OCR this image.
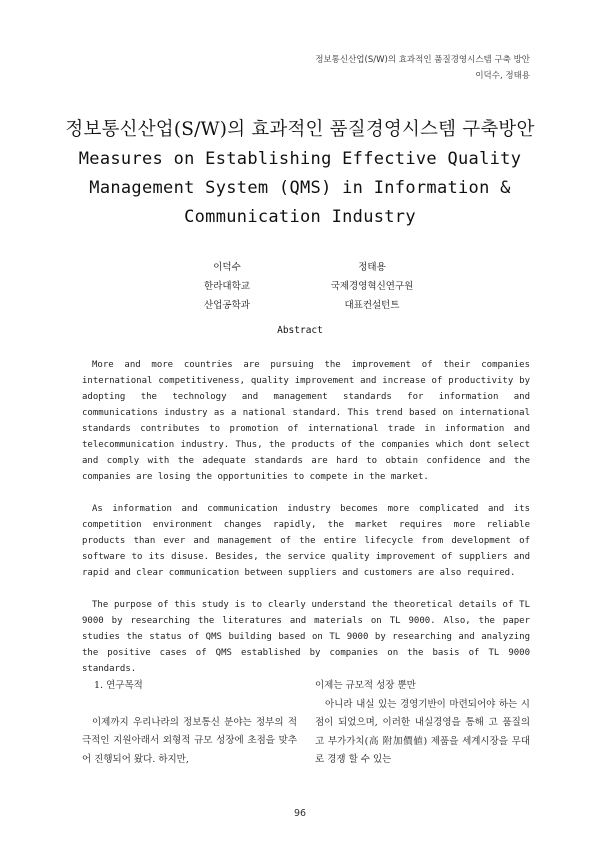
정보통신산업(S/W)의 효과적인 품질경영시스템 구축 방안
이덕수, 정태용
정보통신산업(S/W)의 효과적인 품질경영시스템 구축방안
Measures on Establishing Effective Quality
Management System (QMS) in Information &
Communication Industry
이덕수
한라대학교
산업공학과
정태용
국제경영혁신연구원
대표컨설턴트
Abstract

More and more countries are pursuing the improvement of their companies international competitiveness, quality improvement and increase of productivity by adopting the technology and management standards for information and communications industry as a national standard. This trend based on international standards contributes to promotion of international trade in information and telecommunication industry. Thus, the products of the companies which dont select and comply with the adequate standards are hard to obtain confidence and the companies are losing the opportunities to compete in the market.

As information and communication industry becomes more complicated and its competition environment changes rapidly, the market requires more reliable products than ever and management of the entire lifecycle from development of software to its disuse. Besides, the service quality improvement of suppliers and rapid and clear communication between suppliers and customers are also required.

The purpose of this study is to clearly understand the theoretical details of TL 9000 by researching the literatures and materials on TL 9000. Also, the paper studies the status of QMS building based on TL 9000 by researching and analyzing the positive cases of QMS established by companies on the basis of TL 9000 standards.

1. 연구목적

이제까지 우리나라의 정보통신 분야는 정부의 적극적인 지원아래서 외형적 규모 성장에 초점을 맞추어 진행되어 왔다. 하지만,

이제는 규모적 성장 뿐만

아니라 내실 있는 경영기반이 마련되어야 하는 시점이 되었으며, 이러한 내실경영을 통해 고 품질의 고 부가가치(高 附加價値) 제품을 세계시장을 무대로 경쟁 할 수 있는

96
